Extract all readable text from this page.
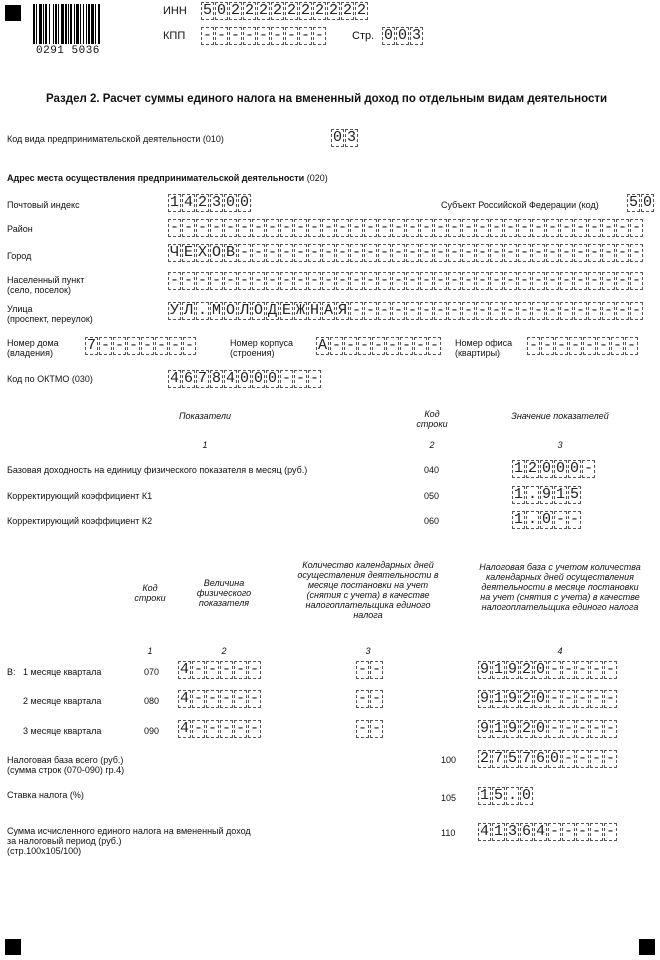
0291 5036
ИНН 5 0 2 2 2 2 2 2 2 2 2 2
КПП - - - - - - - - -	Стр. 0 0 3
Раздел 2. Расчет суммы единого налога на вмененный доход по отдельным видам деятельности
Код вида предпринимательской деятельности (010)	0 3
Адрес места осуществления предпринимательской деятельности (020)
Почтовый индекс	1 4 2 3 0 0	Субъект Российской Федерации (код) 5 0
Район	- - - - - - - - - - - - - - - - - - - - - - - - - - - - - - - - - -
Город	Ч Е Х О В - - - - - - - - - - - - - - - - - - - - - - - - - - - - -
Населенный пункт
(село, поселок)
- - - - - - - - - - - - - - - - - - - - - - - - - - - - - - - - - -
Улица
(проспект, переулок)	У Л . М О Л О Д Е Ж Н А Я - - - - - - - - - - - - - - - - - - - - -
Номер дома
(владения)	7 - - - - - - -	Номер корпуса
(строения)	А - - - - - - - - Номер офиса
(квартиры)	- - - - - - - -
Код по ОКТМО (030)	4 6 7 8 4 0 0 0 - - -
Показатели	Код
строки
Значение показателей
1	2	3
Базовая доходность на единицу физического показателя в месяц (руб.)	040	1 2 0 0 0 -
Корректирующий коэффициент К1	050	1 . 9 1 5
Корректирующий коэффициент К2	060	1 . 0 - -
Код
строки
Величина
физического
показателя
Количество календарных дней
осуществления деятельности в
месяце постановки на учет
(снятия с учета) в качестве
налогоплательщика единого
налога
Налоговая база с учетом количества
календарных дней осуществления
деятельности в месяце постановки
на учет (снятия с учета) в качестве
налогоплательщика единого налога
1	2	3	4
В: 1 месяце квартала	070 4 - - - - -	- -	9 1 9 2 0 - - - - -
2 месяце квартала	080 4 - - - - -	- -	9 1 9 2 0 - - - - -
3 месяце квартала	090 4 - - - - -	- -	9 1 9 2 0 - - - - -
Налоговая база всего (руб.)
(сумма строк (070-090) гр.4)
100 2 7 5 7 6 0 - - - -
Ставка налога (%)	105 1 5 . 0
Сумма исчисленного единого налога на вмененный доход
за налоговый период (руб.)
(стр.100х105/100)
110 4 1 3 6 4 - - - - -
